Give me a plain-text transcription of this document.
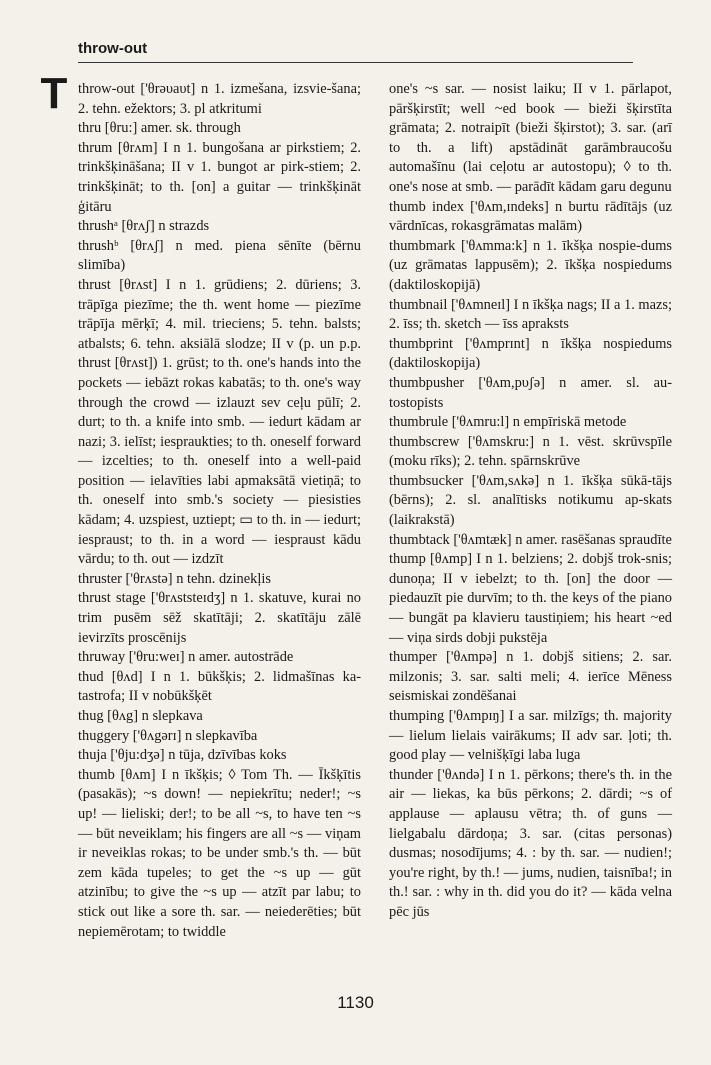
throw-out
T throw-out ['θrəυaυt] n 1. izmešana, izsvie-šana; 2. tehn. ežektors; 3. pl atkritumi

thru [θru:] amer. sk. through

thrum [θrʌm] I n 1. bungošana ar pirkstiem; 2. trinkšķināšana; II v 1. bungot ar pirk-stiem; 2. trinkšķināt; to th. [on] a guitar — trinkšķināt ģitāru

thrushᵃ [θrʌʃ] n strazds

thrushᵇ [θrʌʃ] n med. piena sēnīte (bērnu slimība)

thrust [θrʌst] I n 1. grūdiens; 2. dūriens; 3. trāpīga piezīme; the th. went home — piezīme trāpīja mērķī; 4. mil. trieciens; 5. tehn. balsts; atbalsts; 6. tehn. aksiālā slodze; II v (p. un p.p. thrust [θrʌst]) 1. grūst; to th. one's hands into the pockets — iebāzt rokas kabatās; to th. one's way through the crowd — izlauzt sev ceļu pūlī; 2. durt; to th. a knife into smb. — iedurt kādam ar nazi; 3. ielīst; iespraukties; to th. oneself forward — izcelties; to th. oneself into a well-paid position — ielavīties labi apmaksātā vietiņā; to th. oneself into smb.'s society — piesisties kādam; 4. uzspiest, uztiept; ▭ to th. in — iedurt; iespraust; to th. in a word — iespraust kādu vārdu; to th. out — izdzīt

thruster ['θrʌstə] n tehn. dzinekļis

thrust stage ['θrʌststeɪdʒ] n 1. skatuve, kurai no trim pusēm sēž skatītāji; 2. skatītāju zālē ievirzīts proscēnijs

thruway ['θru:weɪ] n amer. autostrāde

thud [θʌd] I n 1. būkšķis; 2. lidmašīnas ka-tastrofa; II v nobūkšķēt

thug [θʌg] n slepkava

thuggery ['θʌgərɪ] n slepkavība

thuja ['θju:dʒə] n tūja, dzīvības koks

thumb [θʌm] I n īkšķis; ◊ Tom Th. — Īkšķītis (pasakās); ~s down! — nepiekrītu; neder!; ~s up! — lieliski; der!; to be all ~s, to have ten ~s — būt neveiklam; his fingers are all ~s — viņam ir neveiklas rokas; to be under smb.'s th. — būt zem kāda tupeles; to get the ~s up — gūt atzinību; to give the ~s up — atzīt par labu; to stick out like a sore th. sar. — neiederēties; būt nepiemērotam; to twiddle

one's ~s sar. — nosist laiku; II v 1. pārlapot, pāršķirstīt; well ~ed book — bieži šķirstīta grāmata; 2. notraipīt (bieži šķirstot); 3. sar. (arī to th. a lift) apstādināt garāmbraucošu automašīnu (lai ceļotu ar autostopu); ◊ to th. one's nose at smb. — parādīt kādam garu degunu

thumb index ['θʌm,ɪndeks] n burtu rādītājs (uz vārdnīcas, rokasgrāmatas malām)

thumbmark ['θʌmma:k] n 1. īkšķa nospie-dums (uz grāmatas lappusēm); 2. īkšķa nospiedums (daktiloskopijā)

thumbnail ['θʌmneɪl] I n īkšķa nags; II a 1. mazs; 2. īss; th. sketch — īss apraksts

thumbprint ['θʌmprɪnt] n īkšķa nospiedums (daktiloskopija)

thumbpusher ['θʌm,pυʃə] n amer. sl. au-tostopists

thumbrule ['θʌmru:l] n empīriskā metode

thumbscrew ['θʌmskru:] n 1. vēst. skrūvspīle (moku rīks); 2. tehn. spārnskrūve

thumbsucker ['θʌm,sʌkə] n 1. īkšķa sūkā-tājs (bērns); 2. sl. analītisks notikumu ap-skats (laikrakstā)

thumbtack ['θʌmtæk] n amer. rasēšanas spraudīte

thump [θʌmp] I n 1. belziens; 2. dobjš trok-snis; dunoņa; II v iebelzt; to th. [on] the door — piedauzīt pie durvīm; to th. the keys of the piano — bungāt pa klavieru taustiņiem; his heart ~ed — viņa sirds dobji pukstēja

thumper ['θʌmpə] n 1. dobjš sitiens; 2. sar. milzonis; 3. sar. salti meli; 4. ierīce Mēness seismiskai zondēšanai

thumping ['θʌmpɪŋ] I a sar. milzīgs; th. majority — lielum lielais vairākums; II adv sar. ļoti; th. good play — velnišķīgi laba luga

thunder ['θʌndə] I n 1. pērkons; there's th. in the air — liekas, ka būs pērkons; 2. dārdi; ~s of applause — aplausu vētra; th. of guns — lielgabalu dārdoņa; 3. sar. (citas personas) dusmas; nosodījums; 4. : by th. sar. — nudien!; you're right, by th.! — jums, nudien, taisnība!; in th.! sar. : why in th. did you do it? — kāda velna pēc jūs

1130
